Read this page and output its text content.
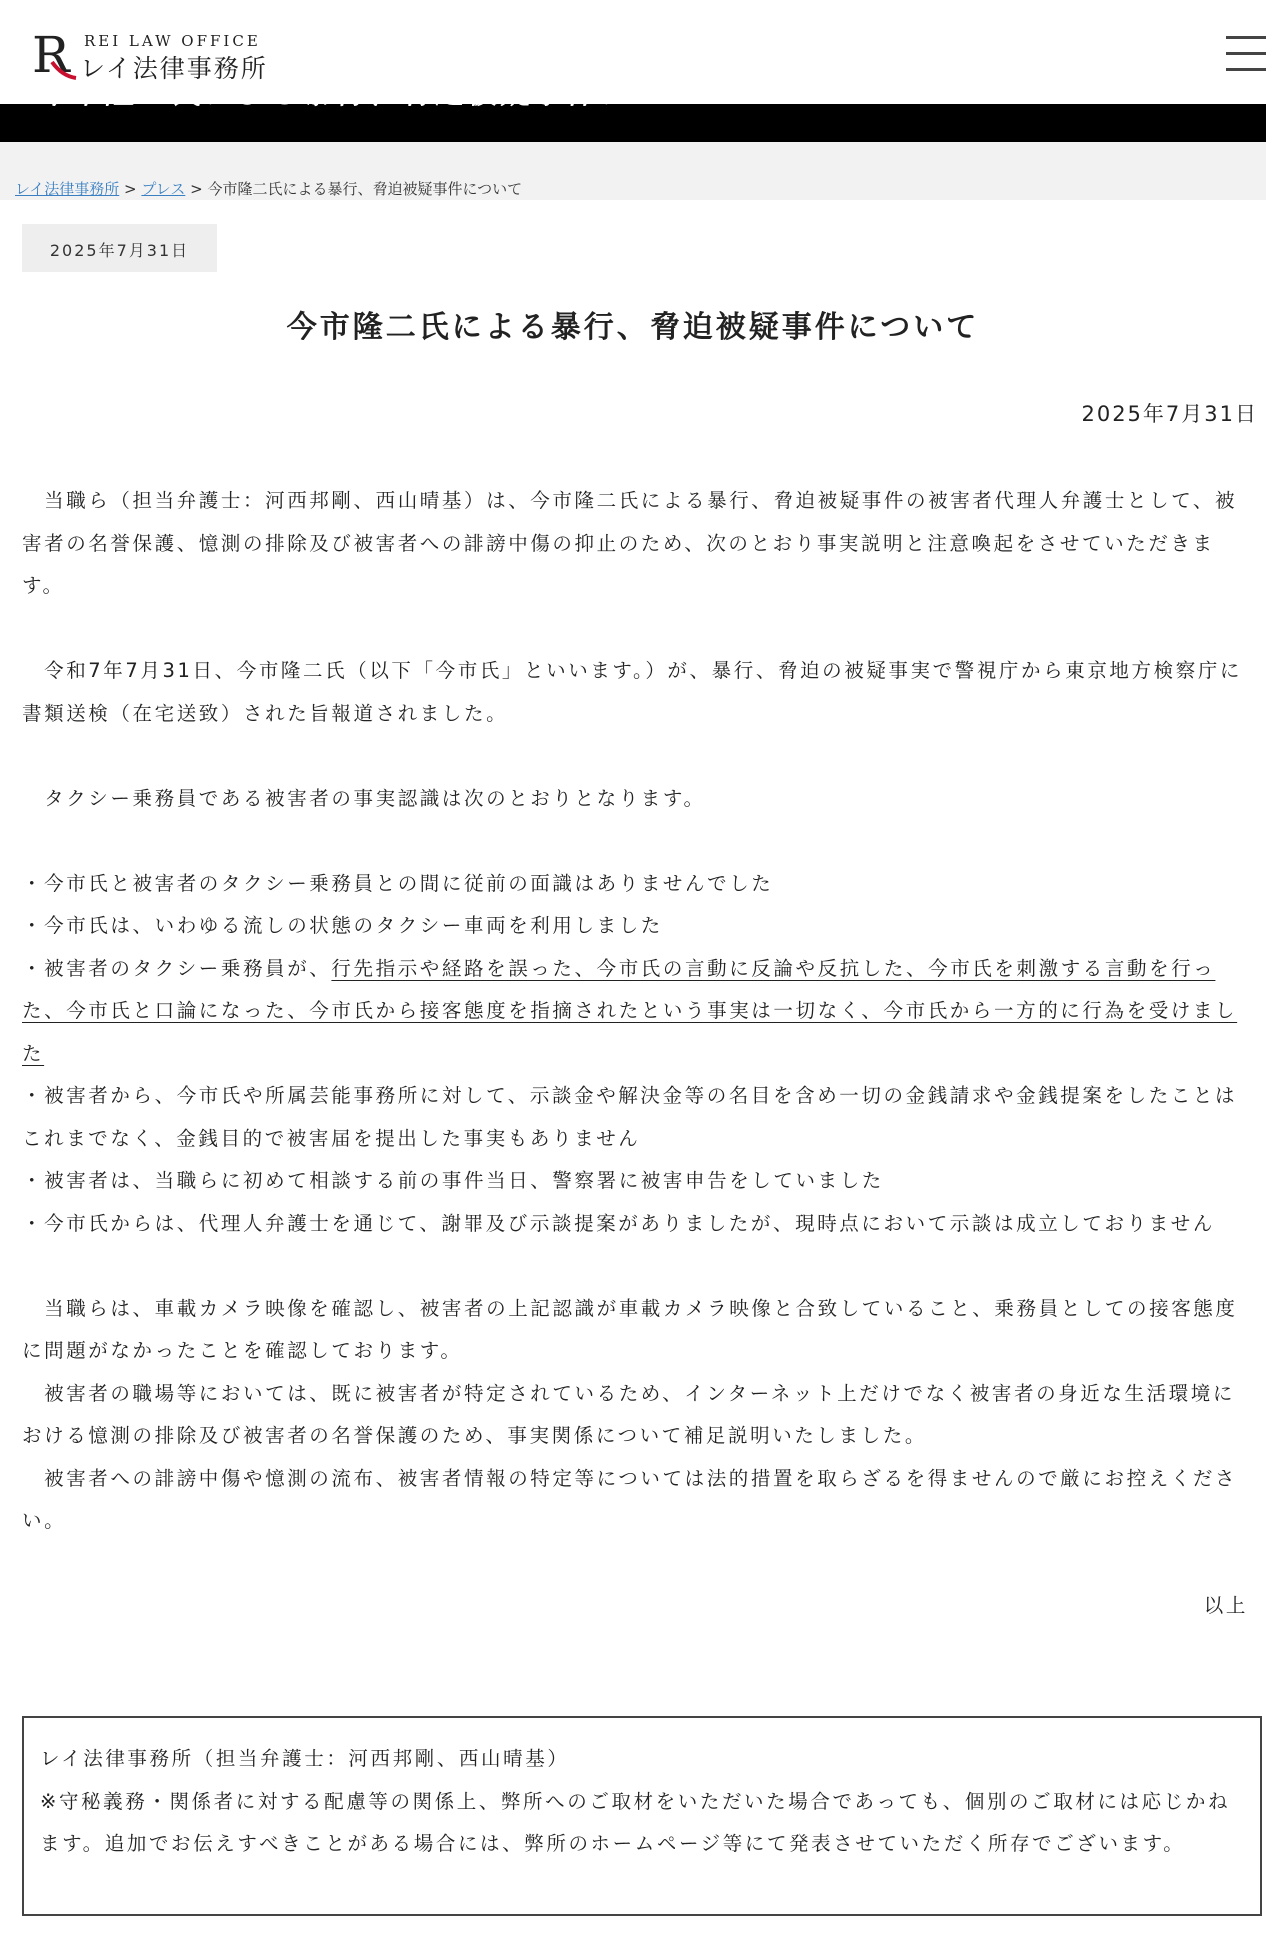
R REI LAW OFFICE
レイ法律事務所
レイ法律事務所 > プレス > 今市隆二氏による暴行、脅迫被疑事件について
2025年7月31日
今市隆二氏による暴行、脅迫被疑事件について
2025年7月31日

　当職ら（担当弁護士：河西邦剛、西山晴基）は、今市隆二氏による暴行、脅迫被疑事件の被害者代理人弁護士として、被害者の名誉保護、憶測の排除及び被害者への誹謗中傷の抑止のため、次のとおり事実説明と注意喚起をさせていただきます。

　令和7年7月31日、今市隆二氏（以下「今市氏」といいます。）が、暴行、脅迫の被疑事実で警視庁から東京地方検察庁に書類送検（在宅送致）された旨報道されました。

　タクシー乗務員である被害者の事実認識は次のとおりとなります。

・今市氏と被害者のタクシー乗務員との間に従前の面識はありませんでした

・今市氏は、いわゆる流しの状態のタクシー車両を利用しました

・被害者のタクシー乗務員が、行先指示や経路を誤った、今市氏の言動に反論や反抗した、今市氏を刺激する言動を行った、今市氏と口論になった、今市氏から接客態度を指摘されたという事実は一切なく、今市氏から一方的に行為を受けました

・被害者から、今市氏や所属芸能事務所に対して、示談金や解決金等の名目を含め一切の金銭請求や金銭提案をしたことはこれまでなく、金銭目的で被害届を提出した事実もありません

・被害者は、当職らに初めて相談する前の事件当日、警察署に被害申告をしていました

・今市氏からは、代理人弁護士を通じて、謝罪及び示談提案がありましたが、現時点において示談は成立しておりません

　当職らは、車載カメラ映像を確認し、被害者の上記認識が車載カメラ映像と合致していること、乗務員としての接客態度に問題がなかったことを確認しております。

　被害者の職場等においては、既に被害者が特定されているため、インターネット上だけでなく被害者の身近な生活環境における憶測の排除及び被害者の名誉保護のため、事実関係について補足説明いたしました。

　被害者への誹謗中傷や憶測の流布、被害者情報の特定等については法的措置を取らざるを得ませんので厳にお控えください。

以上

レイ法律事務所（担当弁護士：河西邦剛、西山晴基）

※守秘義務・関係者に対する配慮等の関係上、弊所へのご取材をいただいた場合であっても、個別のご取材には応じかねます。追加でお伝えすべきことがある場合には、弊所のホームページ等にて発表させていただく所存でございます。
